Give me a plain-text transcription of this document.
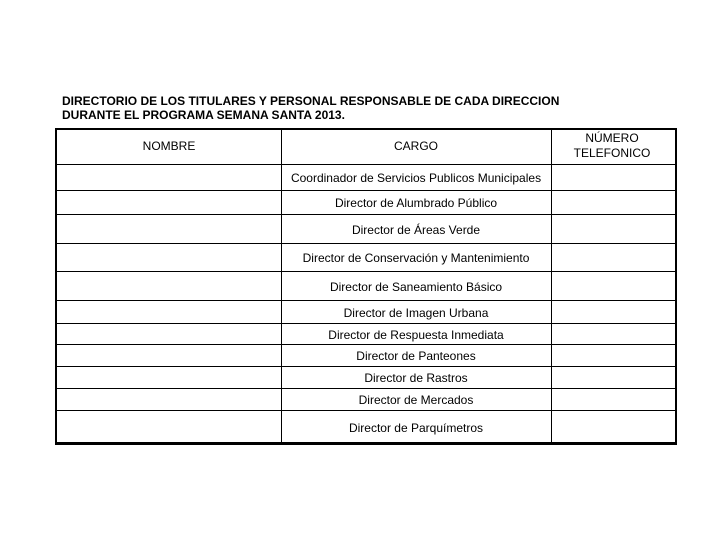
DIRECTORIO DE LOS TITULARES Y PERSONAL RESPONSABLE DE CADA DIRECCION
DURANTE EL PROGRAMA SEMANA SANTA 2013.
Coordinador de Servicios Publicos Municipales
Director de Alumbrado Público
Director de Áreas Verde
Director de Conservación y Mantenimiento
Director de Saneamiento Básico
Director de Imagen Urbana
Director de Respuesta Inmediata
Director de Panteones
Director de Rastros
Director de Mercados
Director de Parquímetros
NOMBRE	CARGO
NÚMERO
TELEFONICO
